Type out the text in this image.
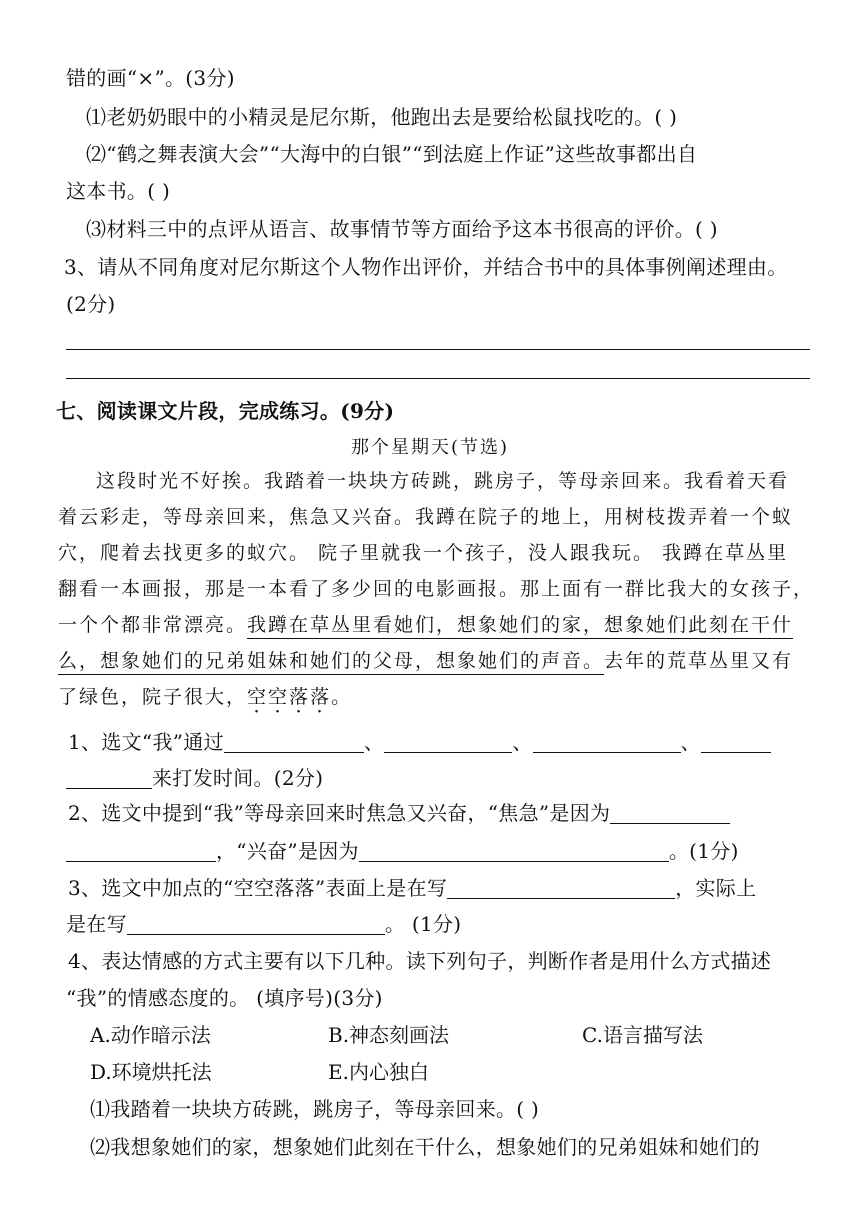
错的画“×”。(3分)
⑴老奶奶眼中的小精灵是尼尔斯，他跑出去是要给松鼠找吃的。( )
⑵“鹤之舞表演大会”“大海中的白银”“到法庭上作证”这些故事都出自
这本书。( )
⑶材料三中的点评从语言、故事情节等方面给予这本书很高的评价。( )
3、请从不同角度对尼尔斯这个人物作出评价，并结合书中的具体事例阐述理由。
(2分)
七、阅读课文片段，完成练习。(9分)
那个星期天(节选)
这段时光不好挨。我踏着一块块方砖跳，跳房子，等母亲回来。我看着天看
着云彩走，等母亲回来，焦急又兴奋。我蹲在院子的地上，用树枝拨弄着一个蚁
穴，爬着去找更多的蚁穴。 院子里就我一个孩子，没人跟我玩。 我蹲在草丛里
翻看一本画报，那是一本看了多少回的电影画报。那上面有一群比我大的女孩子，
一个个都非常漂亮。我蹲在草丛里看她们，想象她们的家，想象她们此刻在干什
么，想象她们的兄弟姐妹和她们的父母，想象她们的声音。去年的荒草丛里又有
了绿色，院子很大，空空落落。
1、选文“我”通过	、	、	、
来打发时间。(2分)
2、选文中提到“我”等母亲回来时焦急又兴奋，“焦急”是因为
，“兴奋”是因为	。(1分)
3、选文中加点的“空空落落”表面上是在写	，实际上
是在写	。 (1分)
4、表达情感的方式主要有以下几种。读下列句子，判断作者是用什么方式描述
“我”的情感态度的。 (填序号)(3分)
A.动作暗示法	B.神态刻画法	C.语言描写法
D.环境烘托法	E.内心独白
⑴我踏着一块块方砖跳，跳房子，等母亲回来。( )
⑵我想象她们的家，想象她们此刻在干什么，想象她们的兄弟姐妹和她们的
